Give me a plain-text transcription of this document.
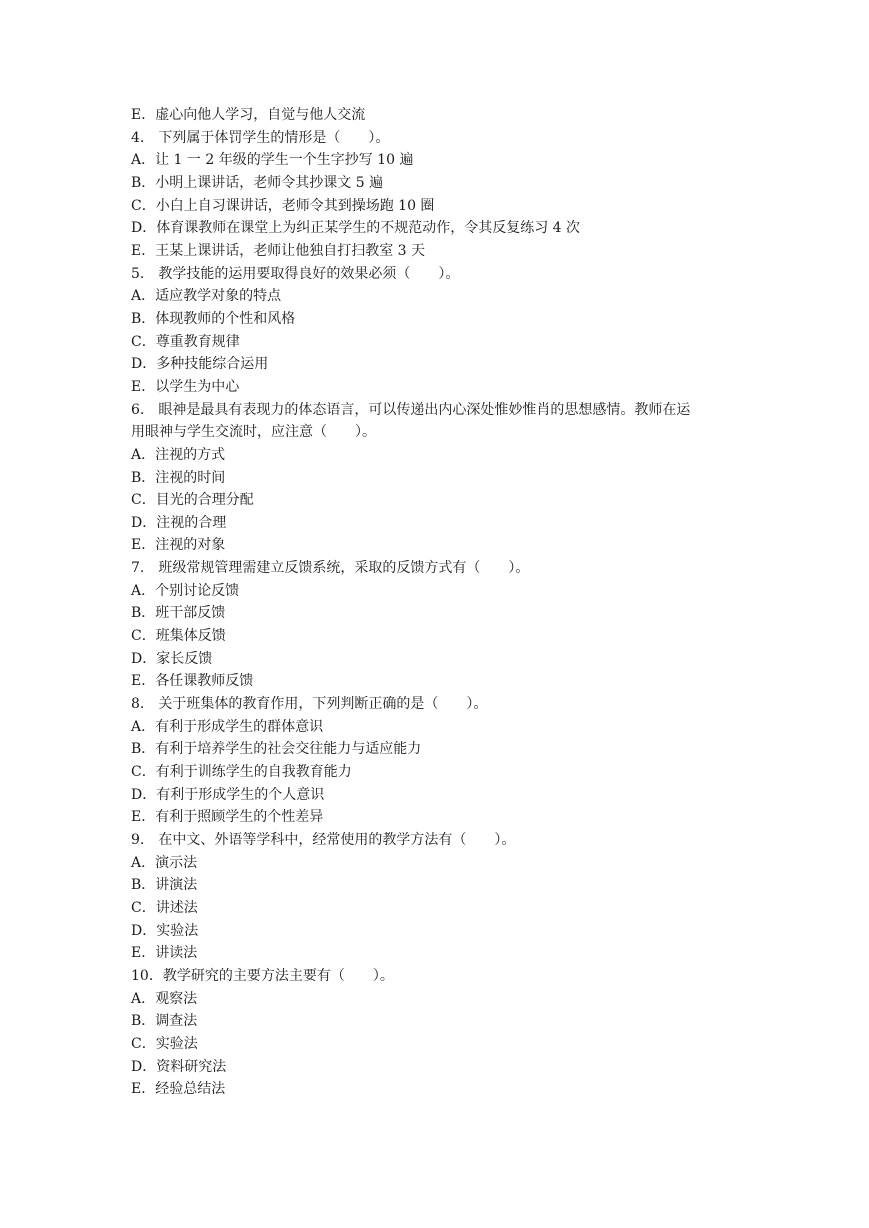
E．虚心向他人学习，自觉与他人交流
4.　下列属于体罚学生的情形是（　　）。
A．让 1 一 2 年级的学生一个生字抄写 10 遍
B．小明上课讲话，老师令其抄课文 5 遍
C．小白上自习课讲话，老师令其到操场跑 10 圈
D．体育课教师在课堂上为纠正某学生的不规范动作，令其反复练习 4 次
E．王某上课讲话，老师让他独自打扫教室 3 天
5.　教学技能的运用要取得良好的效果必须（　　）。
A．适应教学对象的特点
B．体现教师的个性和风格
C．尊重教育规律
D．多种技能综合运用
E．以学生为中心
6.　眼神是最具有表现力的体态语言，可以传递出内心深处惟妙惟肖的思想感情。教师在运
用眼神与学生交流时，应注意（　　）。
A．注视的方式
B．注视的时间
C．目光的合理分配
D．注视的合理
E．注视的对象
7.　班级常规管理需建立反馈系统，采取的反馈方式有（　　）。
A．个别讨论反馈
B．班干部反馈
C．班集体反馈
D．家长反馈
E．各任课教师反馈
8.　关于班集体的教育作用，下列判断正确的是（　　）。
A．有利于形成学生的群体意识
B．有利于培养学生的社会交往能力与适应能力
C．有利于训练学生的自我教育能力
D．有利于形成学生的个人意识
E．有利于照顾学生的个性差异
9.　在中文、外语等学科中，经常使用的教学方法有（　　）。
A．演示法
B．讲演法
C．讲述法
D．实验法
E．讲读法
10．教学研究的主要方法主要有（　　）。
A．观察法
B．调查法
C．实验法
D．资料研究法
E．经验总结法
